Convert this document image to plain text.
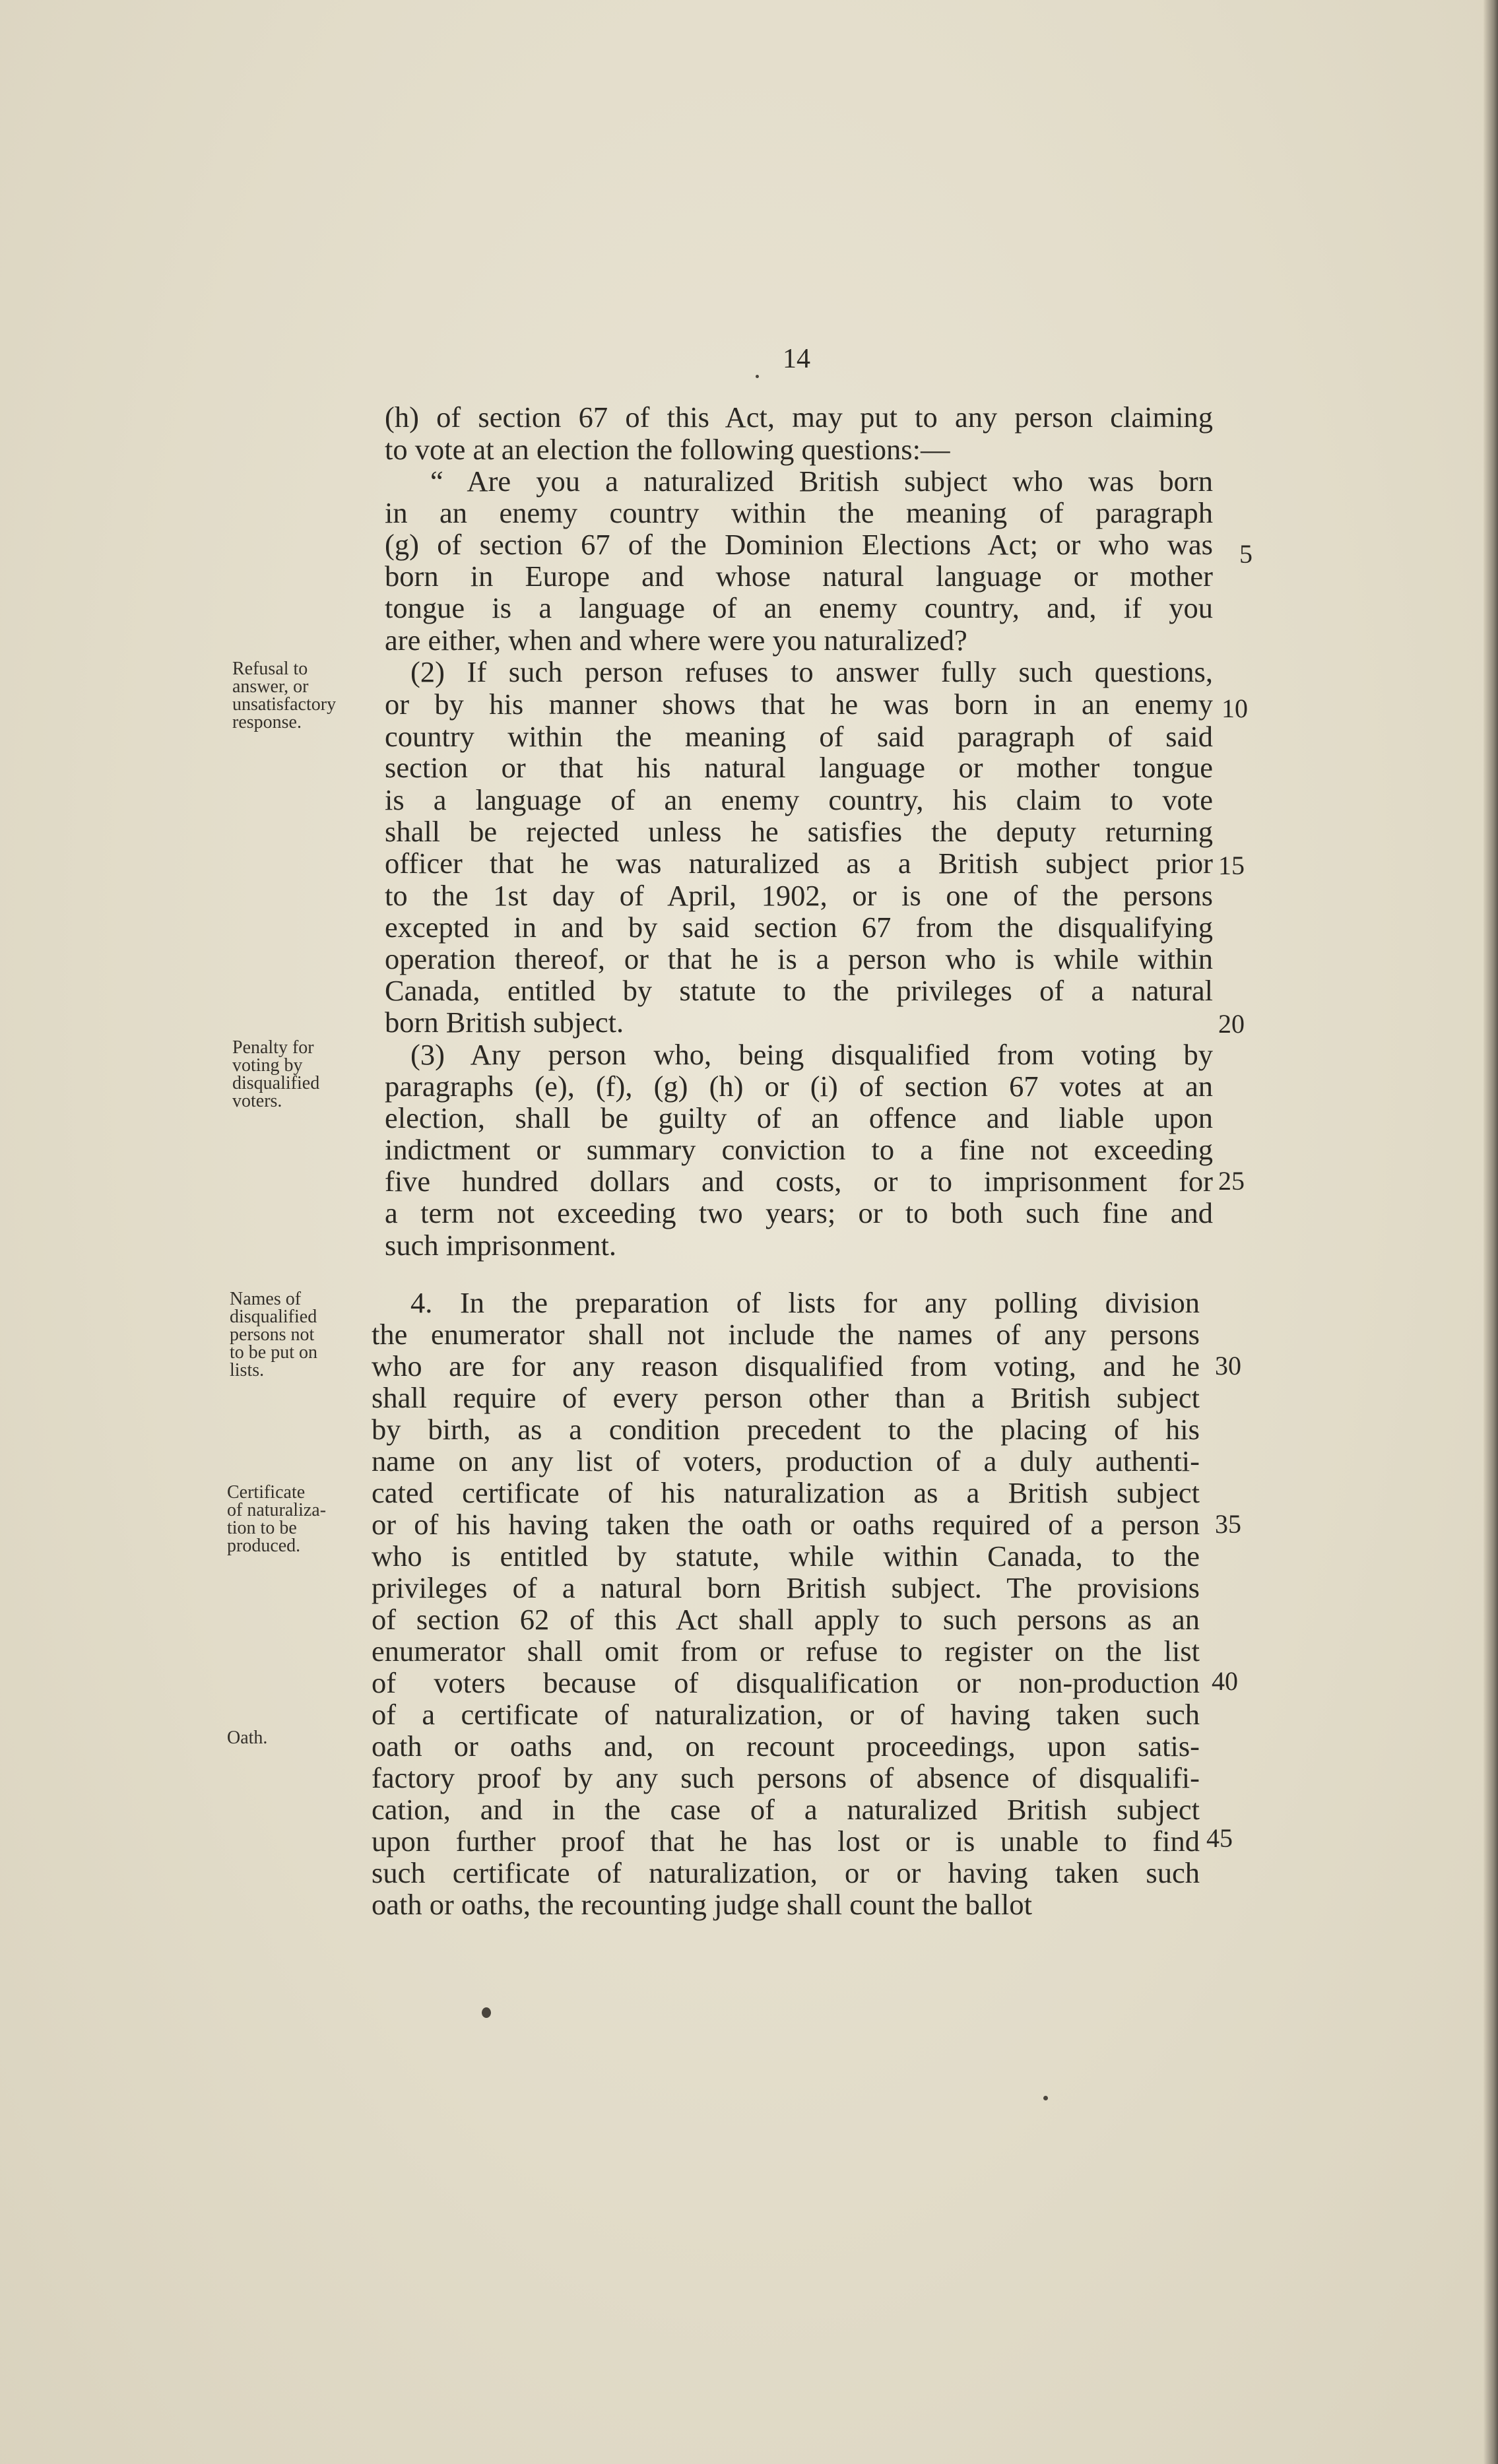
14
Refusal to
answer, or
unsatisfactory
response.
Penalty for
voting by
disqualified
voters.
Names of
disqualified
persons not
to be put on
lists.
Certificate
of naturaliza-
tion to be
produced.
Oath.
(h) of section 67 of this Act, may put to any person claiming
to vote at an election the following questions:—
“ Are you a naturalized British subject who was born
in an enemy country within the meaning of paragraph
(g) of section 67 of the Dominion Elections Act; or who was
born in Europe and whose natural language or mother
tongue is a language of an enemy country, and, if you
are either, when and where were you naturalized?
(2) If such person refuses to answer fully such questions,
or by his manner shows that he was born in an enemy
country within the meaning of said paragraph of said
section or that his natural language or mother tongue
is a language of an enemy country, his claim to vote
shall be rejected unless he satisfies the deputy returning
officer that he was naturalized as a British subject prior
to the 1st day of April, 1902, or is one of the persons
excepted in and by said section 67 from the disqualifying
operation thereof, or that he is a person who is while within
Canada, entitled by statute to the privileges of a natural
born British subject.
(3) Any person who, being disqualified from voting by
paragraphs (e), (f), (g) (h) or (i) of section 67 votes at an
election, shall be guilty of an offence and liable upon
indictment or summary conviction to a fine not exceeding
five hundred dollars and costs, or to imprisonment for
a term not exceeding two years; or to both such fine and
such imprisonment.
4. In the preparation of lists for any polling division
the enumerator shall not include the names of any persons
who are for any reason disqualified from voting, and he
shall require of every person other than a British subject
by birth, as a condition precedent to the placing of his
name on any list of voters, production of a duly authenti-
cated certificate of his naturalization as a British subject
or of his having taken the oath or oaths required of a person
who is entitled by statute, while within Canada, to the
privileges of a natural born British subject. The provisions
of section 62 of this Act shall apply to such persons as an
enumerator shall omit from or refuse to register on the list
of voters because of disqualification or non-production
of a certificate of naturalization, or of having taken such
oath or oaths and, on recount proceedings, upon satis-
factory proof by any such persons of absence of disqualifi-
cation, and in the case of a naturalized British subject
upon further proof that he has lost or is unable to find
such certificate of naturalization, or or having taken such
oath or oaths, the recounting judge shall count the ballot
5
10
15
20
25
30
35
40
45
